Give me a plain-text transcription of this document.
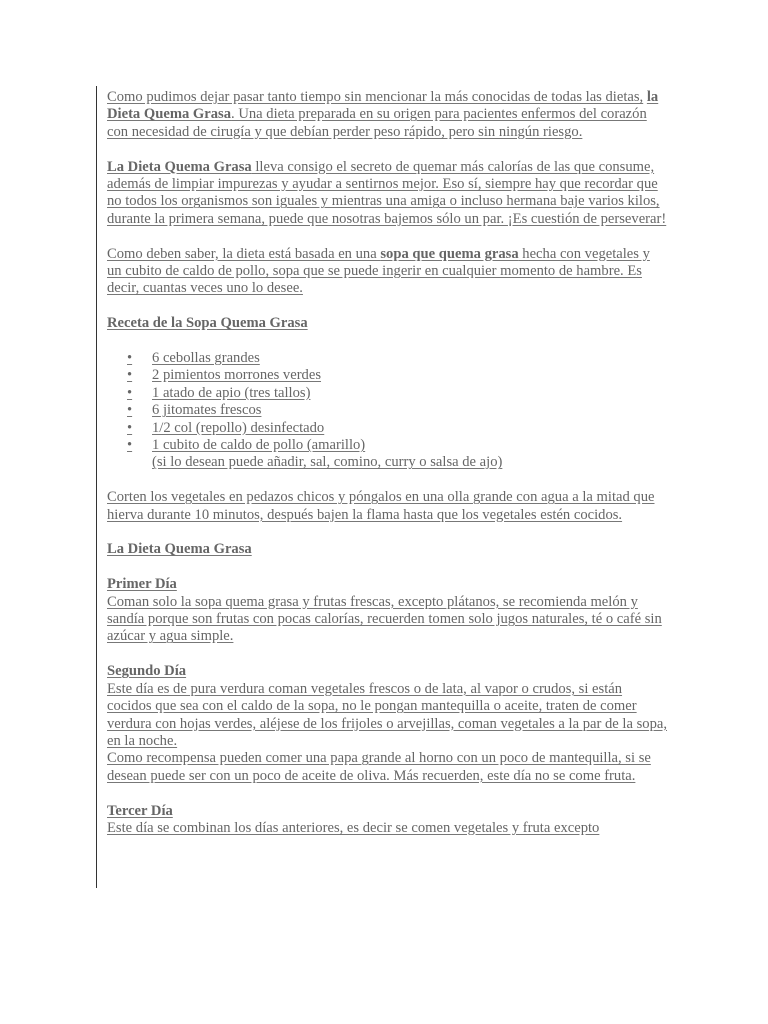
Como pudimos dejar pasar tanto tiempo sin mencionar la más conocidas de todas las dietas, la Dieta Quema Grasa. Una dieta preparada en su origen para pacientes enfermos del corazón con necesidad de cirugía y que debían perder peso rápido, pero sin ningún riesgo.

La Dieta Quema Grasa lleva consigo el secreto de quemar más calorías de las que consume, además de limpiar impurezas y ayudar a sentirnos mejor. Eso sí, siempre hay que recordar que no todos los organismos son iguales y mientras una amiga o incluso hermana baje varios kilos, durante la primera semana, puede que nosotras bajemos sólo un par. ¡Es cuestión de perseverar!

Como deben saber, la dieta está basada en una sopa que quema grasa hecha con vegetales y un cubito de caldo de pollo, sopa que se puede ingerir en cualquier momento de hambre. Es decir, cuantas veces uno lo desee.

Receta de la Sopa Quema Grasa

•	6 cebollas grandes
•	2 pimientos morrones verdes
•	1 atado de apio (tres tallos)
•	6 jitomates frescos
•	1/2 col (repollo) desinfectado
•	1 cubito de caldo de pollo (amarillo)
(si lo desean puede añadir, sal, comino, curry o salsa de ajo)

Corten los vegetales en pedazos chicos y póngalos en una olla grande con agua a la mitad que hierva durante 10 minutos, después bajen la flama hasta que los vegetales estén cocidos.

La Dieta Quema Grasa

Primer Día
Coman solo la sopa quema grasa y frutas frescas, excepto plátanos, se recomienda melón y sandía porque son frutas con pocas calorías, recuerden tomen solo jugos naturales, té o café sin azúcar y agua simple.
Segundo Día
Este día es de pura verdura coman vegetales frescos o de lata, al vapor o crudos, si están cocidos que sea con el caldo de la sopa, no le pongan mantequilla o aceite, traten de comer verdura con hojas verdes, aléjese de los frijoles o arvejillas, coman vegetales a la par de la sopa, en la noche.
Como recompensa pueden comer una papa grande al horno con un poco de mantequilla, si se desean puede ser con un poco de aceite de oliva. Más recuerden, este día no se come fruta.
Tercer Día
Este día se combinan los días anteriores, es decir se comen vegetales y fruta excepto
